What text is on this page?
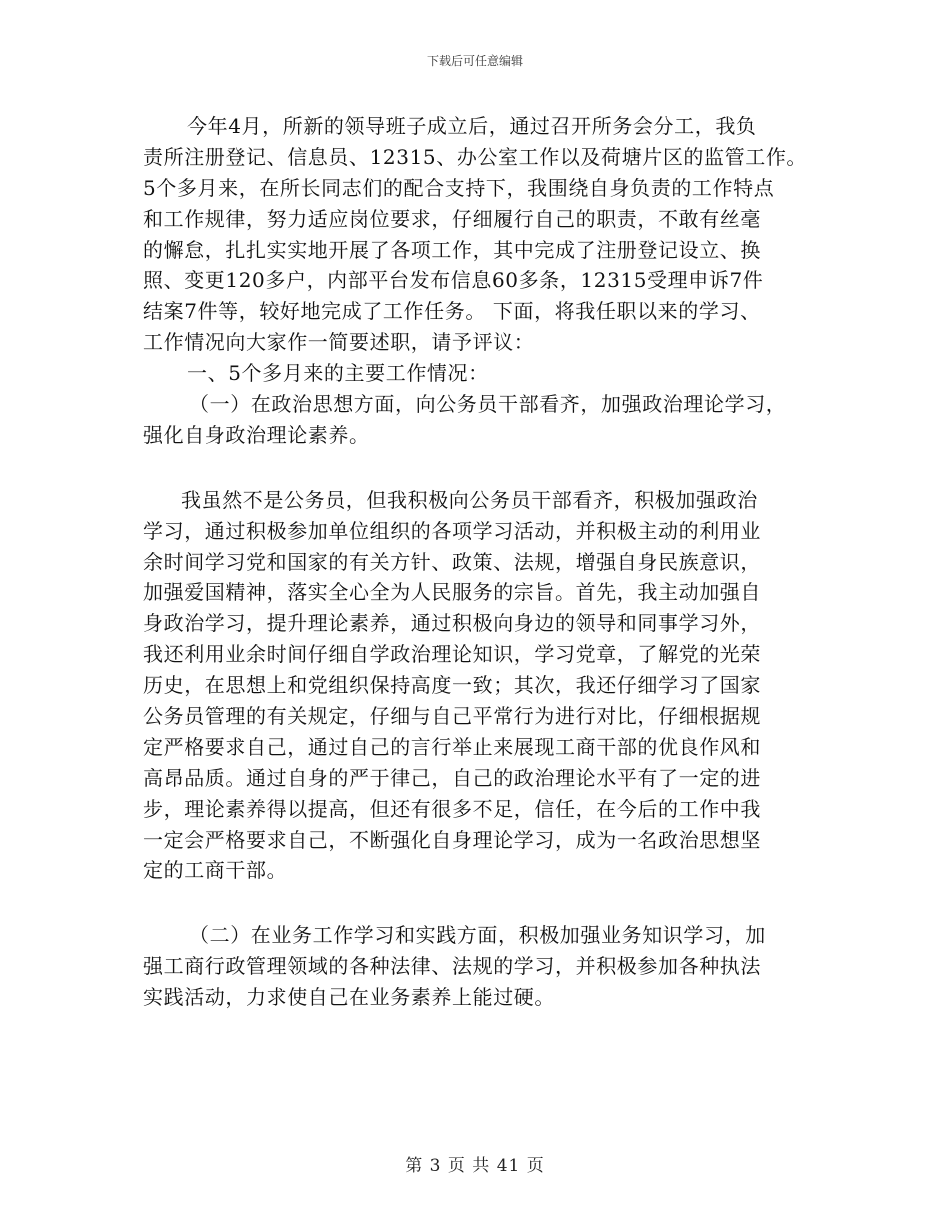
下载后可任意编辑
今年4月，所新的领导班子成立后，通过召开所务会分工，我负
责所注册登记、信息员、12315、办公室工作以及荷塘片区的监管工作。
5个多月来，在所长同志们的配合支持下，我围绕自身负责的工作特点
和工作规律，努力适应岗位要求，仔细履行自己的职责，不敢有丝毫
的懈怠，扎扎实实地开展了各项工作，其中完成了注册登记设立、换
照、变更120多户，内部平台发布信息60多条，12315受理申诉7件
结案7件等，较好地完成了工作任务。 下面，将我任职以来的学习、
工作情况向大家作一简要述职，请予评议：
一、5个多月来的主要工作情况：
（一）在政治思想方面，向公务员干部看齐，加强政治理论学习，
强化自身政治理论素养。
我虽然不是公务员，但我积极向公务员干部看齐，积极加强政治
学习，通过积极参加单位组织的各项学习活动，并积极主动的利用业
余时间学习党和国家的有关方针、政策、法规，增强自身民族意识，
加强爱国精神，落实全心全为人民服务的宗旨。首先，我主动加强自
身政治学习，提升理论素养，通过积极向身边的领导和同事学习外，
我还利用业余时间仔细自学政治理论知识，学习党章，了解党的光荣
历史，在思想上和党组织保持高度一致；其次，我还仔细学习了国家
公务员管理的有关规定，仔细与自己平常行为进行对比，仔细根据规
定严格要求自己，通过自己的言行举止来展现工商干部的优良作风和
高昂品质。通过自身的严于律己，自己的政治理论水平有了一定的进
步，理论素养得以提高，但还有很多不足，信任，在今后的工作中我
一定会严格要求自己，不断强化自身理论学习，成为一名政治思想坚
定的工商干部。
（二）在业务工作学习和实践方面，积极加强业务知识学习，加
强工商行政管理领域的各种法律、法规的学习，并积极参加各种执法
实践活动，力求使自己在业务素养上能过硬。
第 3 页 共 41 页
